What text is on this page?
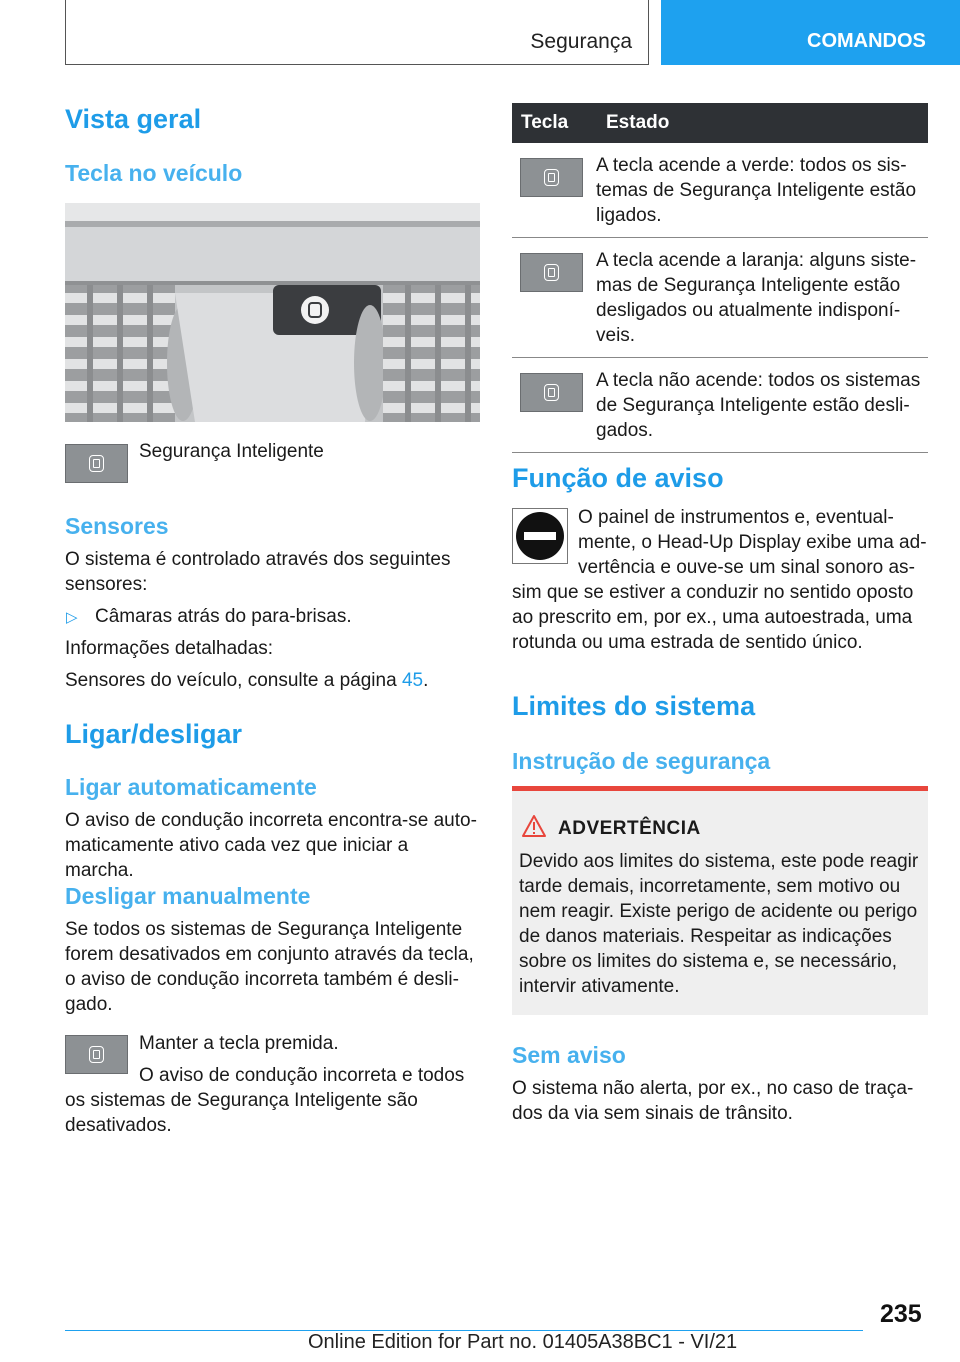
Segurança	COMANDOS
Vista geral
Tecla no veículo
Segurança Inteligente
Sensores
O sistema é controlado através dos seguintes sensores:
▷ Câmaras atrás do para-brisas.
Informações detalhadas:
Sensores do veículo, consulte a página 45.
Ligar/desligar
Ligar automaticamente
O aviso de condução incorreta encontra-se automaticamente ativo cada vez que iniciar a marcha.
Desligar manualmente
Se todos os sistemas de Segurança Inteligente forem desativados em conjunto através da tecla, o aviso de condução incorreta também é desligado.
Manter a tecla premida.
O aviso de condução incorreta e todos os sistemas de Segurança Inteligente são desativados.
Tecla	Estado

	A tecla acende a verde: todos os sistemas de Segurança Inteligente estão ligados.

	A tecla acende a laranja: alguns sistemas de Segurança Inteligente estão desligados ou atualmente indisponíveis.

	A tecla não acende: todos os sistemas de Segurança Inteligente estão desligados.
Função de aviso
O painel de instrumentos e, eventualmente, o Head-Up Display exibe uma advertência e ouve-se um sinal sonoro assim que se estiver a conduzir no sentido oposto ao prescrito em, por ex., uma autoestrada, uma rotunda ou uma estrada de sentido único.
Limites do sistema
Instrução de segurança
ADVERTÊNCIA
Devido aos limites do sistema, este pode reagir tarde demais, incorretamente, sem motivo ou nem reagir. Existe perigo de acidente ou perigo de danos materiais. Respeitar as indicações sobre os limites do sistema e, se necessário, intervir ativamente.
Sem aviso
O sistema não alerta, por ex., no caso de traçados da via sem sinais de trânsito.
235
Online Edition for Part no. 01405A38BC1 - VI/21
